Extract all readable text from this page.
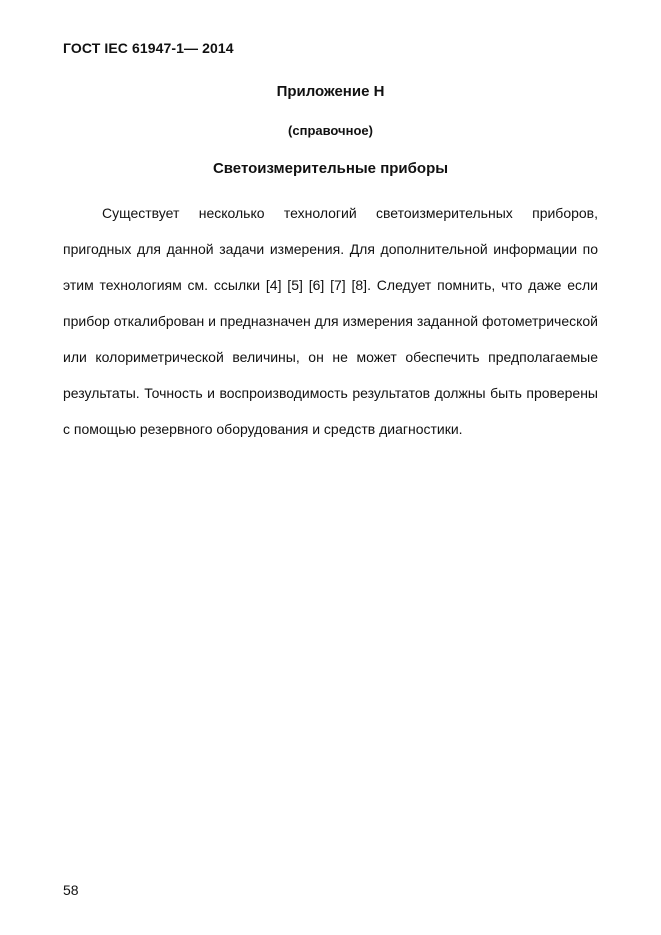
ГОСТ IEC 61947-1— 2014
Приложение Н
(справочное)
Светоизмерительные приборы

Существует несколько технологий светоизмерительных приборов, пригодных для данной задачи измерения. Для дополнительной информации по этим технологиям см. ссылки [4] [5] [6] [7] [8]. Следует помнить, что даже если прибор откалиброван и предназначен для измерения заданной фотометрической или колориметрической величины, он не может обеспечить предполагаемые результаты. Точность и воспроизводимость результатов должны быть проверены с помощью резервного оборудования и средств диагностики.

58
